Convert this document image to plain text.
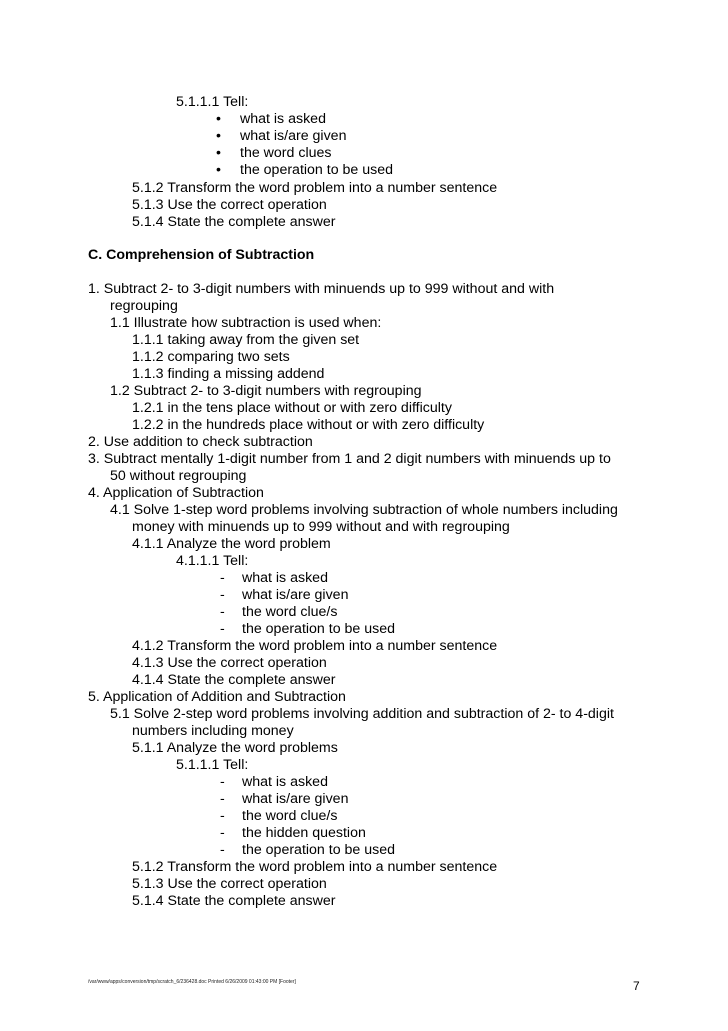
5.1.1.1 Tell:
• what is asked
• what is/are given
• the word clues
• the operation to be used
5.1.2 Transform the word problem into a number sentence
5.1.3 Use the correct operation
5.1.4 State the complete answer
C. Comprehension of Subtraction
1. Subtract 2- to 3-digit numbers with minuends up to 999 without and with
regrouping
1.1 Illustrate how subtraction is used when:
1.1.1 taking away from the given set
1.1.2 comparing two sets
1.1.3 finding a missing addend
1.2 Subtract 2- to 3-digit numbers with regrouping
1.2.1 in the tens place without or with zero difficulty
1.2.2 in the hundreds place without or with zero difficulty
2. Use addition to check subtraction
3. Subtract mentally 1-digit number from 1 and 2 digit numbers with minuends up to
50 without regrouping
4. Application of Subtraction
4.1 Solve 1-step word problems involving subtraction of whole numbers including
money with minuends up to 999 without and with regrouping
4.1.1 Analyze the word problem
4.1.1.1 Tell:
- what is asked
- what is/are given
- the word clue/s
- the operation to be used
4.1.2 Transform the word problem into a number sentence
4.1.3 Use the correct operation
4.1.4 State the complete answer
5. Application of Addition and Subtraction
5.1 Solve 2-step word problems involving addition and subtraction of 2- to 4-digit
numbers including money
5.1.1 Analyze the word problems
5.1.1.1 Tell:
- what is asked
- what is/are given
- the word clue/s
- the hidden question
- the operation to be used
5.1.2 Transform the word problem into a number sentence
5.1.3 Use the correct operation
5.1.4 State the complete answer
/var/www/apps/conversion/tmp/scratch_6/236428.doc Printed 6/26/2009 01:43:00 PM [Footer]	7
